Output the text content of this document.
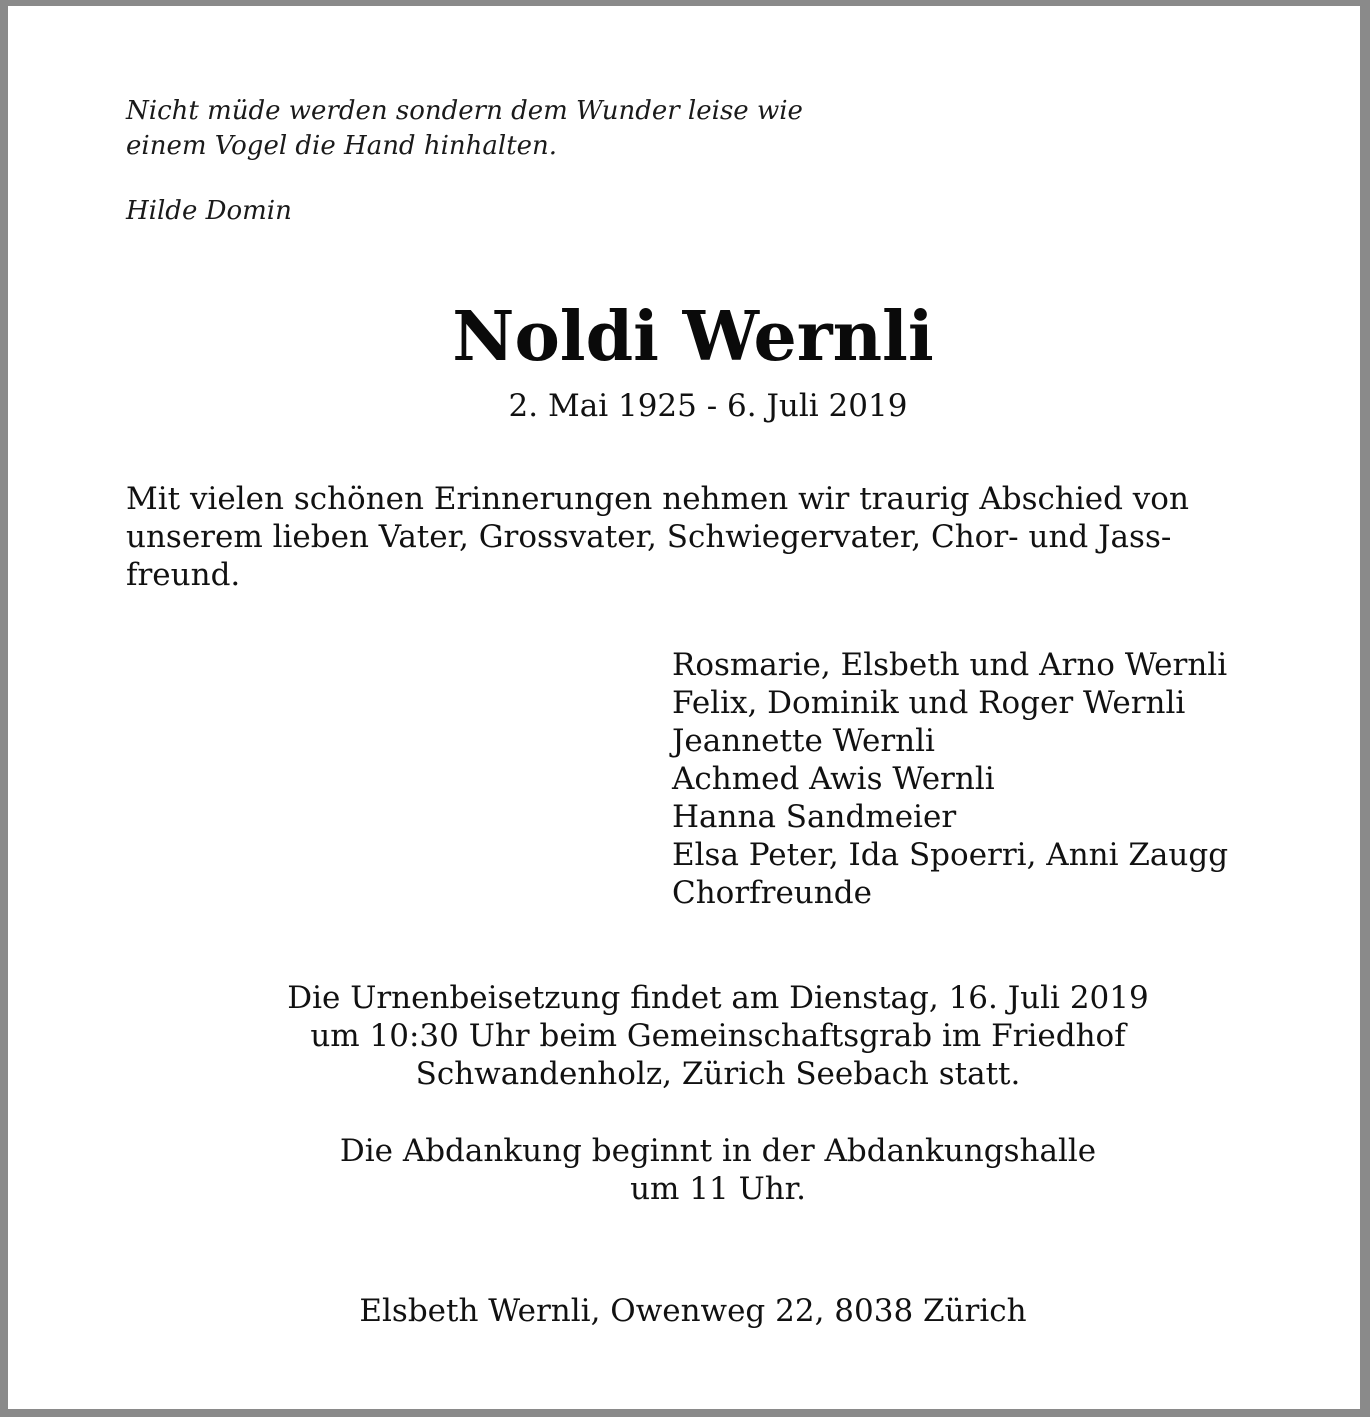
Nicht müde werden sondern dem Wunder leise wie
einem Vogel die Hand hinhalten.
Hilde Domin
Noldi Wernli
2. Mai 1925 - 6. Juli 2019
Mit vielen schönen Erinnerungen nehmen wir traurig Abschied von
unserem lieben Vater, Grossvater, Schwiegervater, Chor- und Jass-
freund.
Rosmarie, Elsbeth und Arno Wernli
Felix, Dominik und Roger Wernli
Jeannette Wernli
Achmed Awis Wernli
Hanna Sandmeier
Elsa Peter, Ida Spoerri, Anni Zaugg
Chorfreunde
Die Urnenbeisetzung findet am Dienstag, 16. Juli 2019
um 10:30 Uhr beim Gemeinschaftsgrab im Friedhof
Schwandenholz, Zürich Seebach statt.
Die Abdankung beginnt in der Abdankungshalle
um 11 Uhr.
Elsbeth Wernli, Owenweg 22, 8038 Zürich
